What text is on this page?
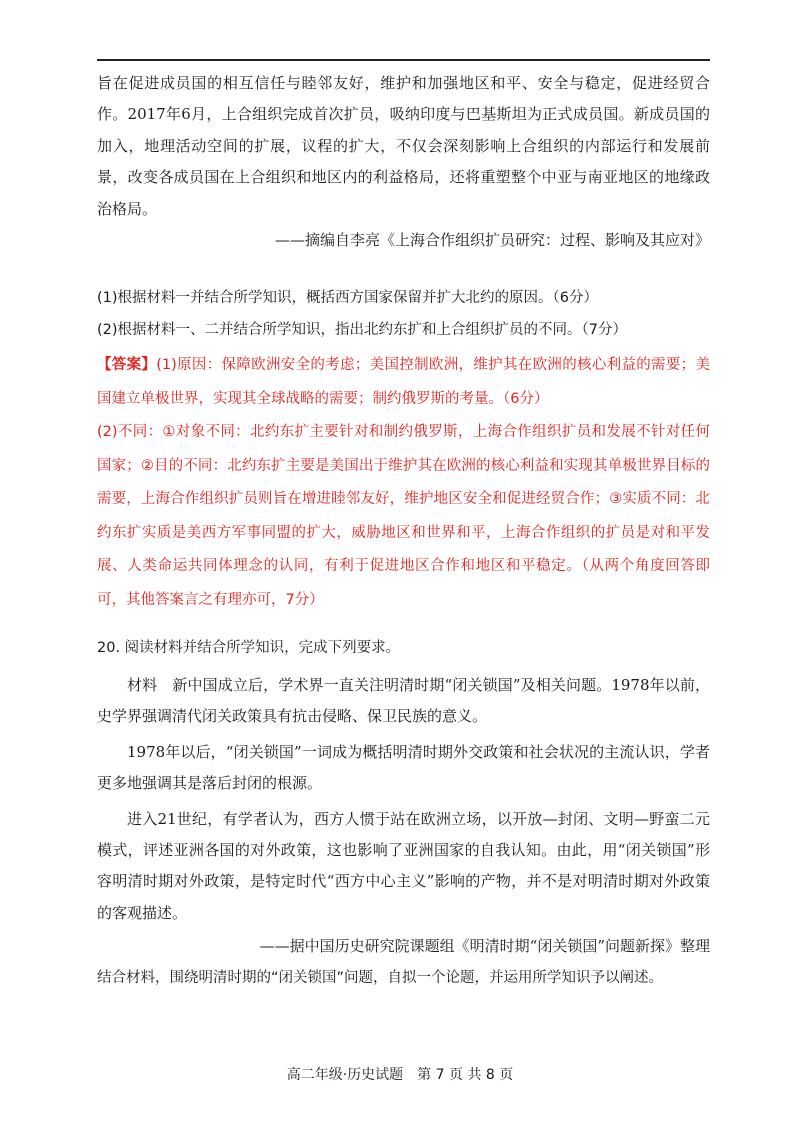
旨在促进成员国的相互信任与睦邻友好，维护和加强地区和平、安全与稳定，促进经贸合作。2017年6月，上合组织完成首次扩员，吸纳印度与巴基斯坦为正式成员国。新成员国的加入，地理活动空间的扩展，议程的扩大，不仅会深刻影响上合组织的内部运行和发展前景，改变各成员国在上合组织和地区内的利益格局，还将重塑整个中亚与南亚地区的地缘政治格局。

——摘编自李亮《上海合作组织扩员研究：过程、影响及其应对》

(1)根据材料一并结合所学知识，概括西方国家保留并扩大北约的原因。（6分）

(2)根据材料一、二并结合所学知识，指出北约东扩和上合组织扩员的不同。（7分）

【答案】(1)原因：保障欧洲安全的考虑；美国控制欧洲，维护其在欧洲的核心利益的需要；美国建立单极世界，实现其全球战略的需要；制约俄罗斯的考量。（6分）

(2)不同：①对象不同：北约东扩主要针对和制约俄罗斯，上海合作组织扩员和发展不针对任何国家；②目的不同：北约东扩主要是美国出于维护其在欧洲的核心利益和实现其单极世界目标的需要，上海合作组织扩员则旨在增进睦邻友好，维护地区安全和促进经贸合作；③实质不同：北约东扩实质是美西方军事同盟的扩大，威胁地区和世界和平，上海合作组织的扩员是对和平发展、人类命运共同体理念的认同，有利于促进地区合作和地区和平稳定。（从两个角度回答即可，其他答案言之有理亦可，7分）

20. 阅读材料并结合所学知识，完成下列要求。

材料　新中国成立后，学术界一直关注明清时期“闭关锁国”及相关问题。1978年以前，史学界强调清代闭关政策具有抗击侵略、保卫民族的意义。

1978年以后，“闭关锁国”一词成为概括明清时期外交政策和社会状况的主流认识，学者更多地强调其是落后封闭的根源。

进入21世纪，有学者认为，西方人惯于站在欧洲立场，以开放—封闭、文明—野蛮二元模式，评述亚洲各国的对外政策，这也影响了亚洲国家的自我认知。由此，用“闭关锁国”形容明清时期对外政策，是特定时代“西方中心主义”影响的产物，并不是对明清时期对外政策的客观描述。

——据中国历史研究院课题组《明清时期“闭关锁国”问题新探》整理

结合材料，围绕明清时期的“闭关锁国”问题，自拟一个论题，并运用所学知识予以阐述。

高二年级·历史试题　第 7 页 共 8 页
